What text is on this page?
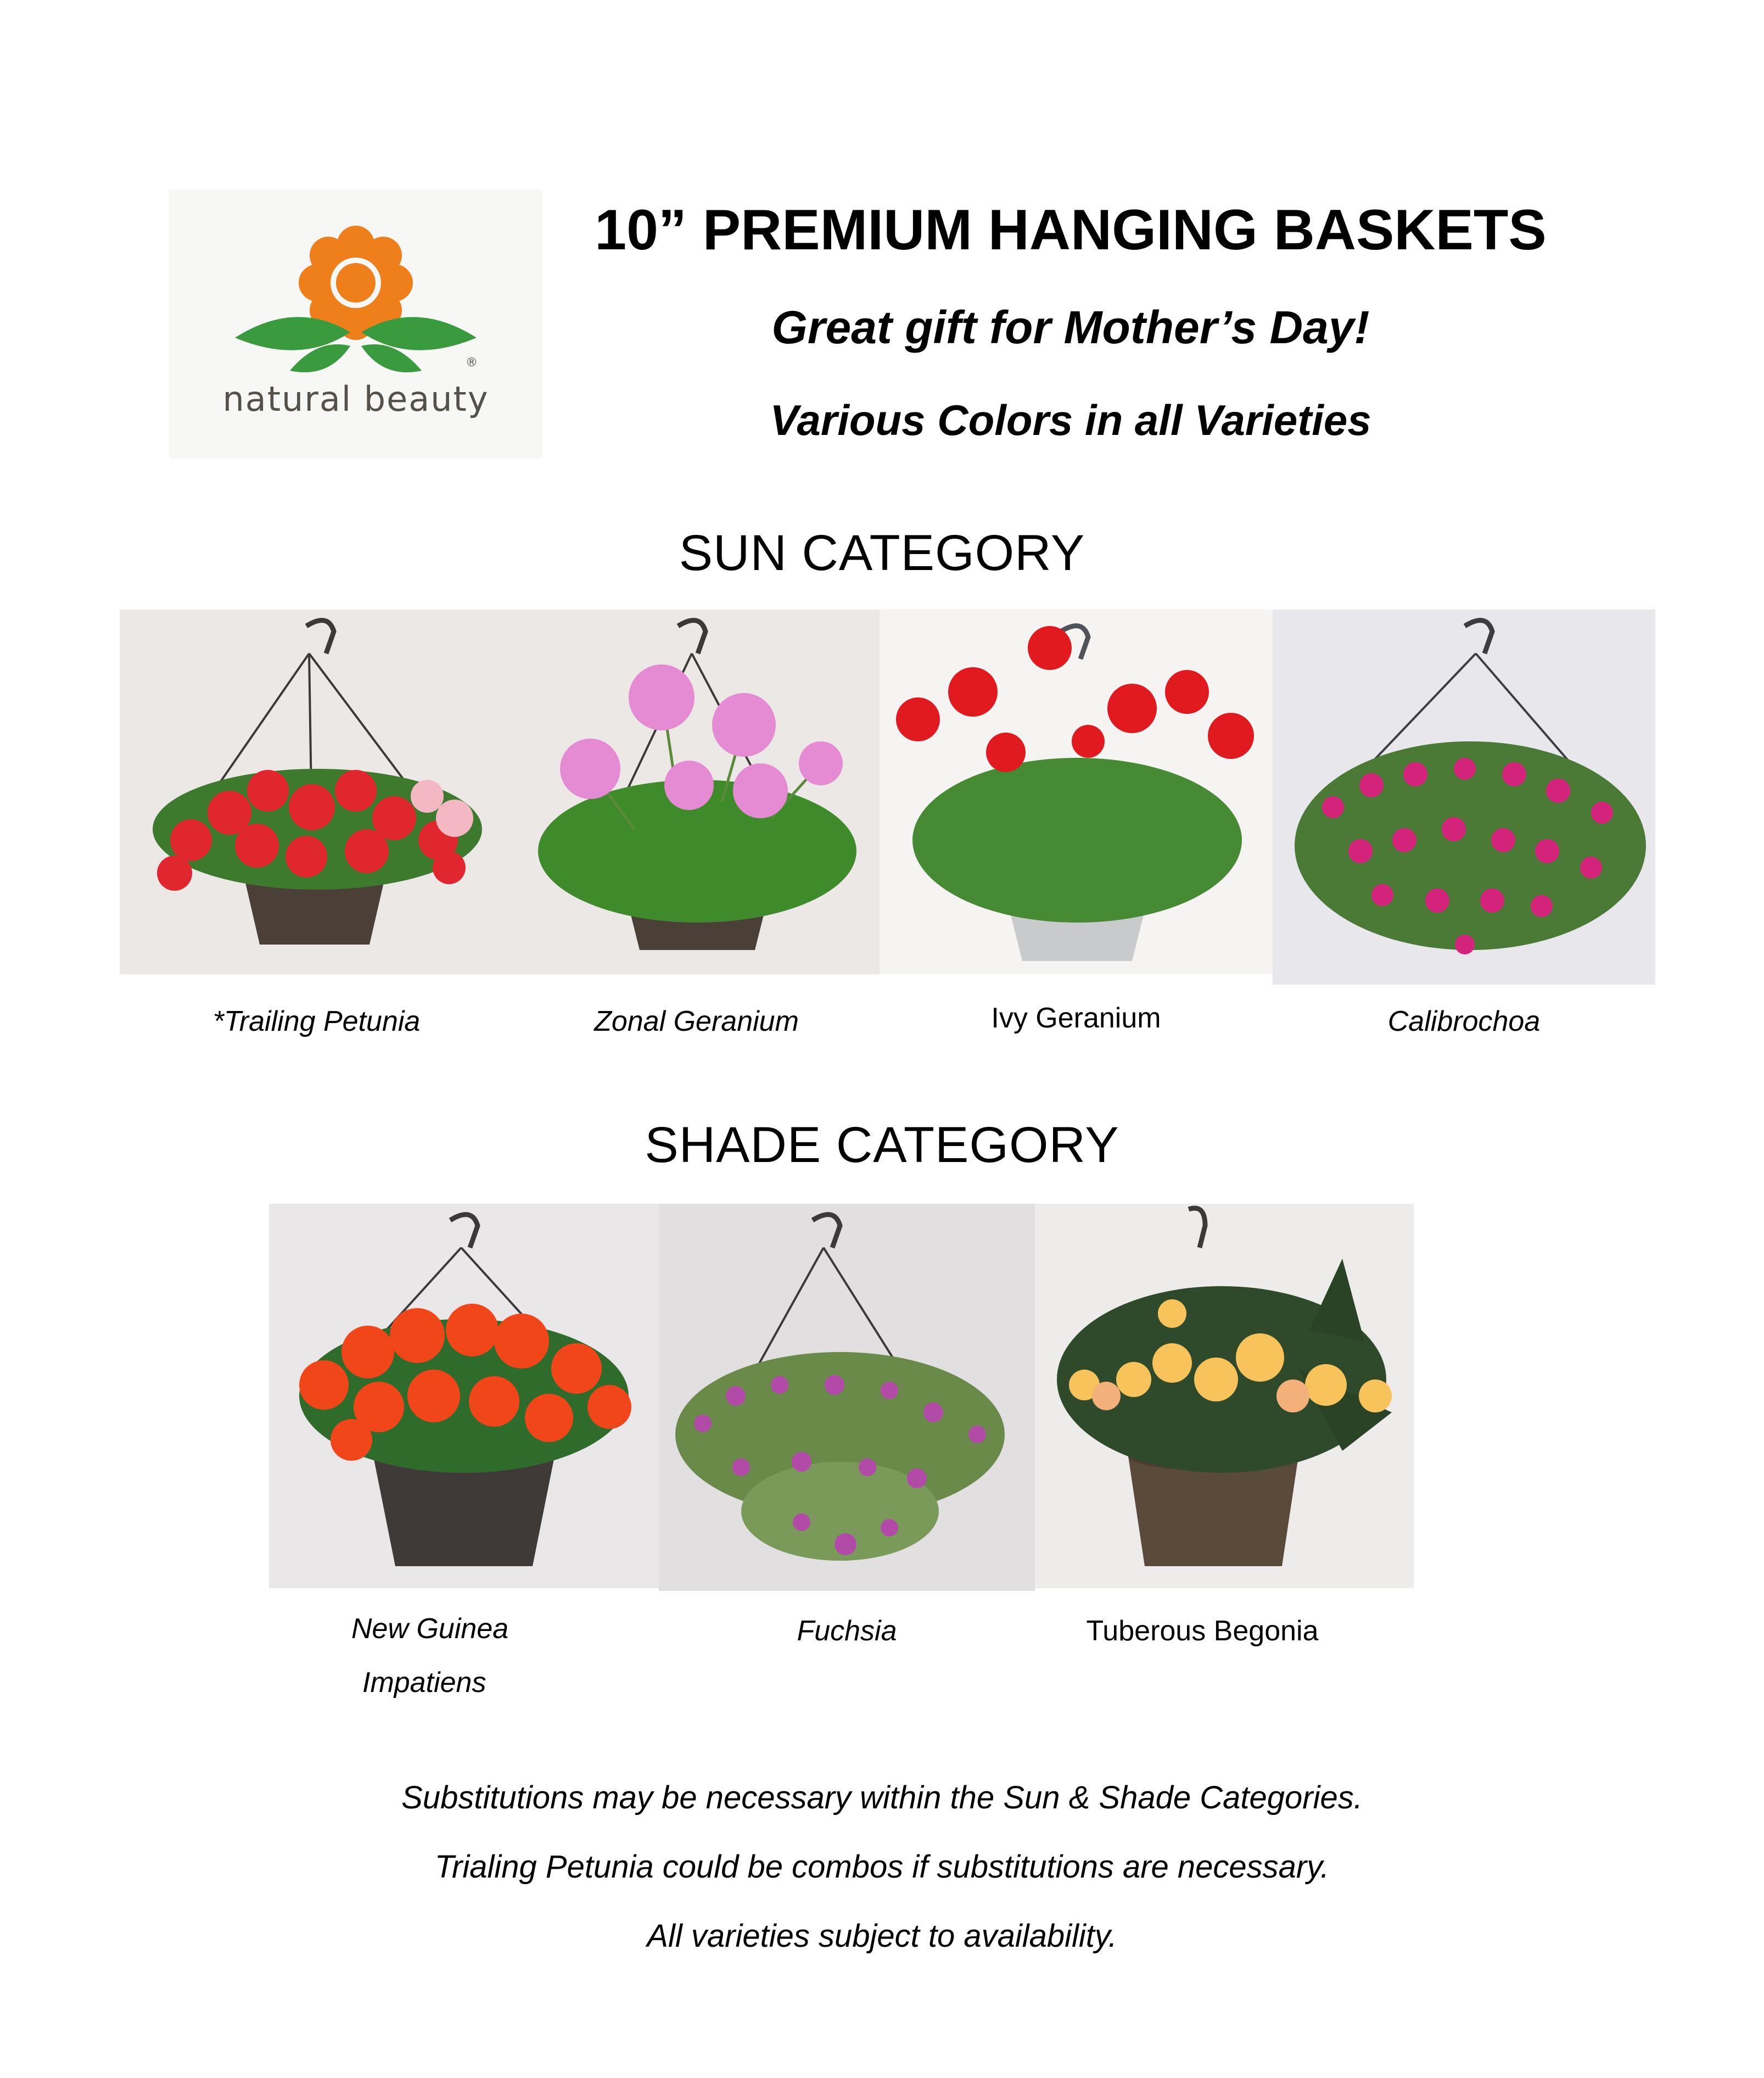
®
natural beauty
10” PREMIUM HANGING BASKETS
Great gift for Mother’s Day!
Various Colors in all Varieties
SUN CATEGORY
*Trailing Petunia	Zonal Geranium	Ivy Geranium	Calibrochoa
SHADE CATEGORY
New Guinea
Impatiens
Fuchsia	Tuberous Begonia
Substitutions may be necessary within the Sun & Shade Categories.
Trialing Petunia could be combos if substitutions are necessary.
All varieties subject to availability.
